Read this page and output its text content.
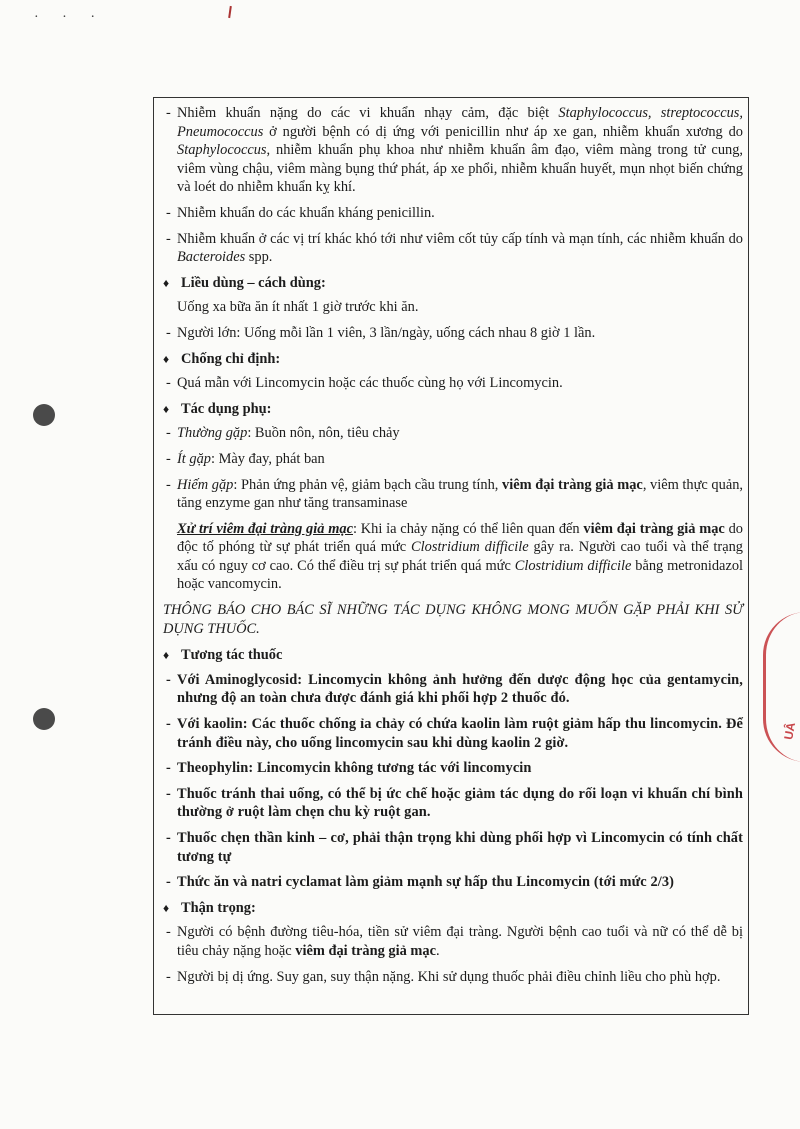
· · ·
UÂ
- Nhiễm khuẩn nặng do các vi khuẩn nhạy cảm, đặc biệt Staphylococcus, streptococcus, Pneumococcus ở người bệnh có dị ứng với penicillin như áp xe gan, nhiễm khuẩn xương do Staphylococcus, nhiễm khuẩn phụ khoa như nhiễm khuẩn âm đạo, viêm màng trong tử cung, viêm vùng chậu, viêm màng bụng thứ phát, áp xe phổi, nhiễm khuẩn huyết, mụn nhọt biến chứng và loét do nhiễm khuẩn kỵ khí.
- Nhiễm khuẩn do các khuẩn kháng penicillin.
- Nhiễm khuẩn ở các vị trí khác khó tới như viêm cốt tủy cấp tính và mạn tính, các nhiễm khuẩn do Bacteroides spp.
♦ Liều dùng – cách dùng:
Uống xa bữa ăn ít nhất 1 giờ trước khi ăn.
- Người lớn: Uống mỗi lần 1 viên, 3 lần/ngày, uống cách nhau 8 giờ 1 lần.
♦ Chống chỉ định:
- Quá mẫn với Lincomycin hoặc các thuốc cùng họ với Lincomycin.
♦ Tác dụng phụ:
- Thường gặp: Buồn nôn, nôn, tiêu chảy
- Ít gặp: Mày đay, phát ban
- Hiếm gặp: Phản ứng phản vệ, giảm bạch cầu trung tính, viêm đại tràng giả mạc, viêm thực quản, tăng enzyme gan như tăng transaminase
Xử trí viêm đại tràng giả mạc: Khi ỉa chảy nặng có thể liên quan đến viêm đại tràng giả mạc do độc tố phóng từ sự phát triển quá mức Clostridium difficile gây ra. Người cao tuổi và thể trạng xấu có nguy cơ cao. Có thể điều trị sự phát triển quá mức Clostridium difficile bằng metronidazol hoặc vancomycin.
THÔNG BÁO CHO BÁC SĨ NHỮNG TÁC DỤNG KHÔNG MONG MUỐN GẶP PHẢI KHI SỬ DỤNG THUỐC.
♦ Tương tác thuốc
- Với Aminoglycosid: Lincomycin không ảnh hưởng đến dược động học của gentamycin, nhưng độ an toàn chưa được đánh giá khi phối hợp 2 thuốc đó.
- Với kaolin: Các thuốc chống ỉa chảy có chứa kaolin làm ruột giảm hấp thu lincomycin. Để tránh điều này, cho uống lincomycin sau khi dùng kaolin 2 giờ.
- Theophylin: Lincomycin không tương tác với lincomycin
- Thuốc tránh thai uống, có thể bị ức chế hoặc giảm tác dụng do rối loạn vi khuẩn chí bình thường ở ruột làm chẹn chu kỳ ruột gan.
- Thuốc chẹn thần kinh – cơ, phải thận trọng khi dùng phối hợp vì Lincomycin có tính chất tương tự
- Thức ăn và natri cyclamat làm giảm mạnh sự hấp thu Lincomycin (tới mức 2/3)
♦ Thận trọng:
- Người có bệnh đường tiêu-hóa, tiền sử viêm đại tràng. Người bệnh cao tuổi và nữ có thể dễ bị tiêu chảy nặng hoặc viêm đại tràng giả mạc.
- Người bị dị ứng. Suy gan, suy thận nặng. Khi sử dụng thuốc phải điều chỉnh liều cho phù hợp.
